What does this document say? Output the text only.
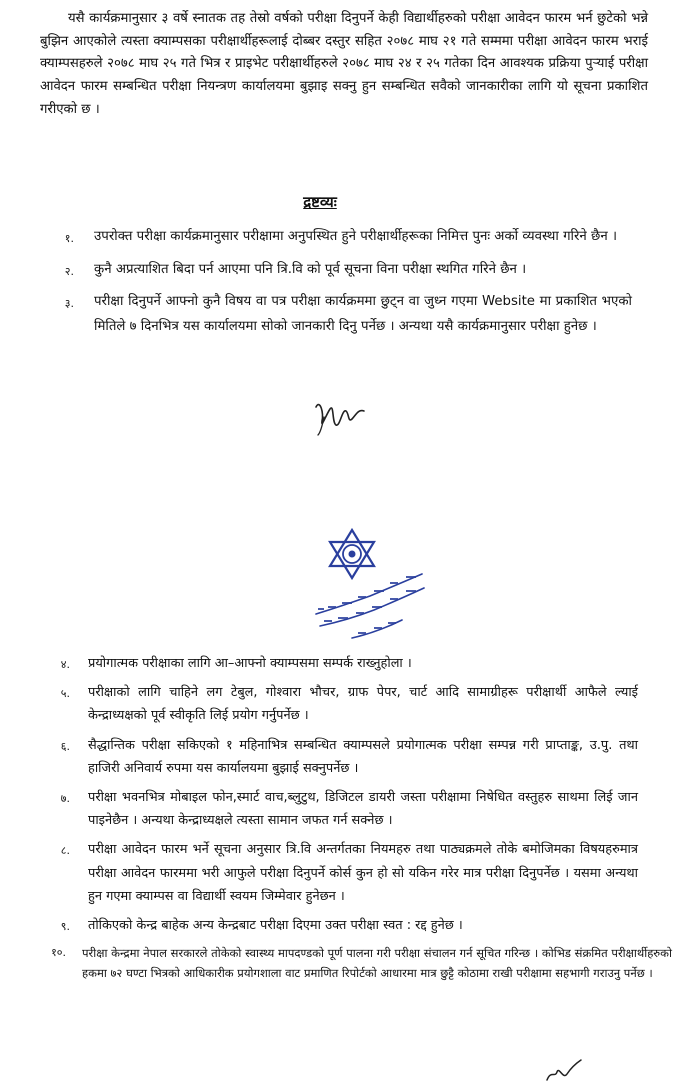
यसै कार्यक्रमानुसार ३ वर्षे स्नातक तह तेस्रो वर्षको परीक्षा दिनुपर्ने केही विद्यार्थीहरुको परीक्षा आवेदन फारम भर्न छुटेको भन्ने बुझिन आएकोले त्यस्ता क्याम्पसका परीक्षार्थीहरूलाई दोब्बर दस्तुर सहित २०७८ माघ २१ गते सम्ममा परीक्षा आवेदन फारम भराई क्याम्पसहरुले २०७८ माघ २५ गते भित्र र प्राइभेट परीक्षार्थीहरुले २०७८ माघ २४ र २५ गतेका दिन आवश्यक प्रक्रिया पुऱ्याई परीक्षा आवेदन फारम सम्बन्धित परीक्षा नियन्त्रण कार्यालयमा बुझाइ सक्नु हुन सम्बन्धित सवैको जानकारीका लागि यो सूचना प्रकाशित गरीएको छ ।

द्रष्टव्यः

१. उपरोक्त परीक्षा कार्यक्रमानुसार परीक्षामा अनुपस्थित हुने परीक्षार्थीहरूका निमित्त पुनः अर्को व्यवस्था गरिने छैन ।

२. कुनै अप्रत्याशित बिदा पर्न आएमा पनि त्रि.वि को पूर्व सूचना विना परीक्षा स्थगित गरिने छैन ।

३. परीक्षा दिनुपर्ने आफ्नो कुनै विषय वा पत्र परीक्षा कार्यक्रममा छुट्न वा जुध्न गएमा Website मा प्रकाशित भएको मितिले ७ दिनभित्र यस कार्यालयमा सोको जानकारी दिनु पर्नेछ । अन्यथा यसै कार्यक्रमानुसार परीक्षा हुनेछ ।

४. प्रयोगात्मक परीक्षाका लागि आ–आफ्नो क्याम्पसमा सम्पर्क राख्नुहोला ।

५. परीक्षाको लागि चाहिने लग टेबुल, गोश्वारा भौचर, ग्राफ पेपर, चार्ट आदि सामाग्रीहरू परीक्षार्थी आफैले ल्याई केन्द्राध्यक्षको पूर्व स्वीकृति लिई प्रयोग गर्नुपर्नेछ ।

६. सैद्धान्तिक परीक्षा सकिएको १ महिनाभित्र सम्बन्धित क्याम्पसले प्रयोगात्मक परीक्षा सम्पन्न गरी प्राप्ताङ्क, उ.पु. तथा हाजिरी अनिवार्य रुपमा यस कार्यालयमा बुझाई सक्नुपर्नेछ ।

७. परीक्षा भवनभित्र मोबाइल फोन,स्मार्ट वाच,ब्लुटुथ, डिजिटल डायरी जस्ता परीक्षामा निषेधित वस्तुहरु साथमा लिई जान पाइनेछैन । अन्यथा केन्द्राध्यक्षले त्यस्ता सामान जफत गर्न सक्नेछ ।

८. परीक्षा आवेदन फारम भर्ने सूचना अनुसार त्रि.वि अन्तर्गतका नियमहरु तथा पाठ्यक्रमले तोके बमोजिमका विषयहरुमात्र परीक्षा आवेदन फारममा भरी आफुले परीक्षा दिनुपर्ने कोर्स कुन हो सो यकिन गरेर मात्र परीक्षा दिनुपर्नेछ । यसमा अन्यथा हुन गएमा क्याम्पस वा विद्यार्थी स्वयम जिम्मेवार हुनेछन ।

९. तोकिएको केन्द्र बाहेक अन्य केन्द्रबाट परीक्षा दिएमा उक्त परीक्षा स्वत : रद्द हुनेछ ।

१०. परीक्षा केन्द्रमा नेपाल सरकारले तोकेको स्वास्थ्य मापदण्डको पूर्ण पालना गरी परीक्षा संचालन गर्न सूचित गरिन्छ । कोभिड संक्रमित परीक्षार्थीहरुको हकमा ७२ घण्टा भित्रको आधिकारीक प्रयोगशाला वाट प्रमाणित रिपोर्टको आधारमा मात्र छुट्टै कोठामा राखी परीक्षामा सहभागी गराउनु पर्नेछ ।
